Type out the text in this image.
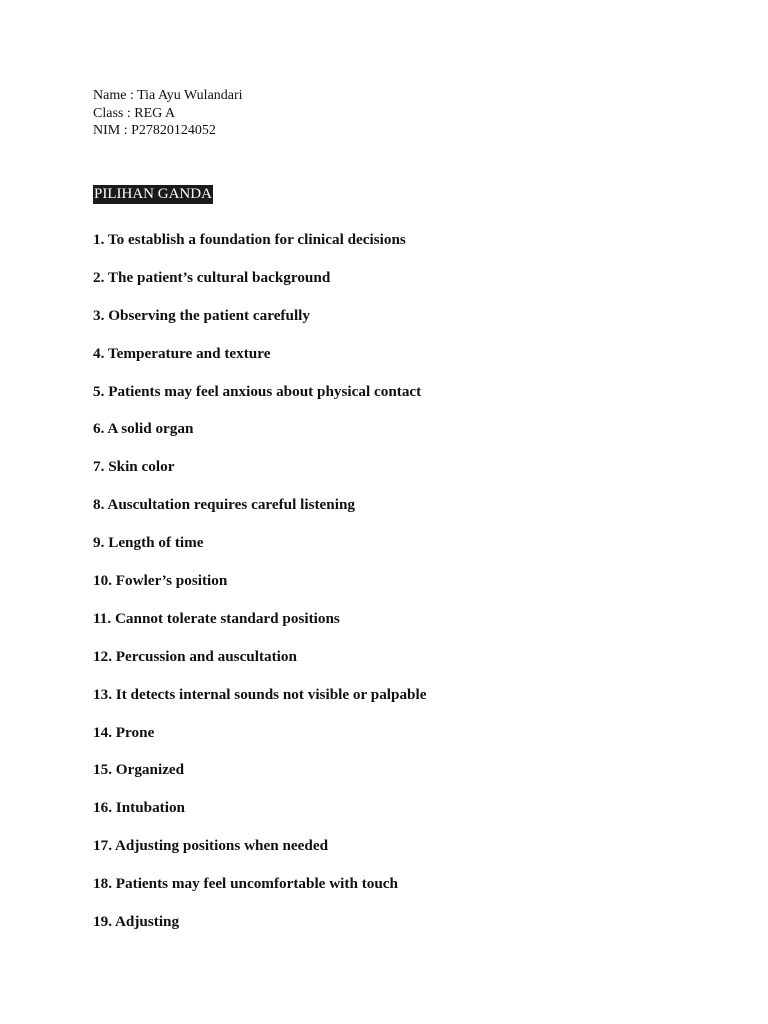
Name : Tia Ayu Wulandari
Class : REG A
NIM : P27820124052
PILIHAN GANDA
1. To establish a foundation for clinical decisions
2. The patient’s cultural background
3. Observing the patient carefully
4. Temperature and texture
5. Patients may feel anxious about physical contact
6. A solid organ
7. Skin color
8. Auscultation requires careful listening
9. Length of time
10. Fowler’s position
11. Cannot tolerate standard positions
12. Percussion and auscultation
13. It detects internal sounds not visible or palpable
14. Prone
15. Organized
16. Intubation
17. Adjusting positions when needed
18. Patients may feel uncomfortable with touch
19. Adjusting
